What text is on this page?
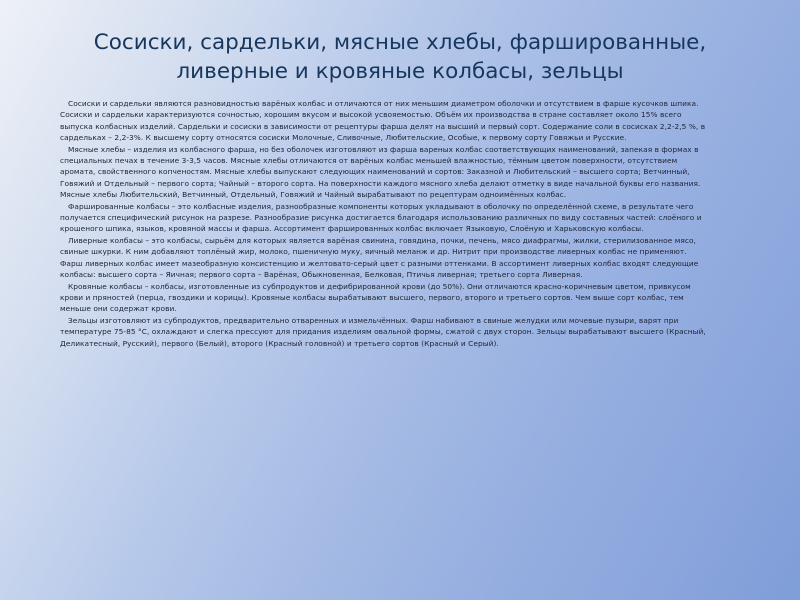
Сосиски, сардельки, мясные хлебы, фаршированные,
ливерные и кровяные колбасы, зельцы

Сосиски и сардельки являются разновидностью варёных колбас и отличаются от них меньшим диаметром оболочки и отсутствием в фарше кусочков шпика. Сосиски и сардельки характеризуются сочностью, хорошим вкусом и высокой усвояемостью. Объём их производства в стране составляет около 15% всего выпуска колбасных изделий. Сардельки и сосиски в зависимости от рецептуры фарша делят на высший и первый сорт. Содержание соли в сосисках 2,2-2,5 %, в сардельках – 2,2-3%. К высшему сорту относятся сосиски Молочные, Сливочные, Любительские, Особые, к первому сорту Говяжьи и Русские.

Мясные хлебы – изделия из колбасного фарша, но без оболочек изготовляют из фарша вареных колбас соответствующих наименований, запекая в формах в специальных печах в течение 3-3,5 часов. Мясные хлебы отличаются от варёных колбас меньшей влажностью, тёмным цветом поверхности, отсутствием аромата, свойственного копченостям. Мясные хлебы выпускают следующих наименований и сортов: Заказной и Любительский – высшего сорта; Ветчинный, Говяжий и Отдельный – первого сорта; Чайный – второго сорта. На поверхности каждого мясного хлеба делают отметку в виде начальной буквы его названия. Мясные хлебы Любительский, Ветчинный, Отдельный, Говяжий и Чайный вырабатывают по рецептурам одноимённых колбас.

Фаршированные колбасы – это колбасные изделия, разнообразные компоненты которых укладывают в оболочку по определённой схеме, в результате чего получается специфический рисунок на разрезе. Разнообразие рисунка достигается благодаря использованию различных по виду составных частей: слоёного и крошеного шпика, языков, кровяной массы и фарша. Ассортимент фаршированных колбас включает Языковую, Слоёную и Харьковскую колбасы.

Ливерные колбасы – это колбасы, сырьём для которых является варёная свинина, говядина, почки, печень, мясо диафрагмы, жилки, стерилизованное мясо, свиные шкурки. К ним добавляют топлёный жир, молоко, пшеничную муку, яичный меланж и др. Нитрит при производстве ливерных колбас не применяют. Фарш ливерных колбас имеет мазеобразную консистенцию и желтовато-серый цвет с разными оттенками. В ассортимент ливерных колбас входят следующие колбасы: высшего сорта – Яичная; первого сорта – Варёная, Обыкновенная, Белковая, Птичья ливерная; третьего сорта Ливерная.

Кровяные колбасы – колбасы, изготовленные из субпродуктов и дефибрированной крови (до 50%). Они отличаются красно-коричневым цветом, привкусом крови и пряностей (перца, гвоздики и корицы). Кровяные колбасы вырабатывают высшего, первого, второго и третьего сортов. Чем выше сорт колбас, тем меньше они содержат крови.

Зельцы изготовляют из субпродуктов, предварительно отваренных и измельчённых. Фарш набивают в свиные желудки или мочевые пузыри, варят при температуре 75-85 °С, охлаждают и слегка прессуют для придания изделиям овальной формы, сжатой с двух сторон. Зельцы вырабатывают высшего (Красный, Деликатесный, Русский), первого (Белый), второго (Красный головной) и третьего сортов (Красный и Серый).
